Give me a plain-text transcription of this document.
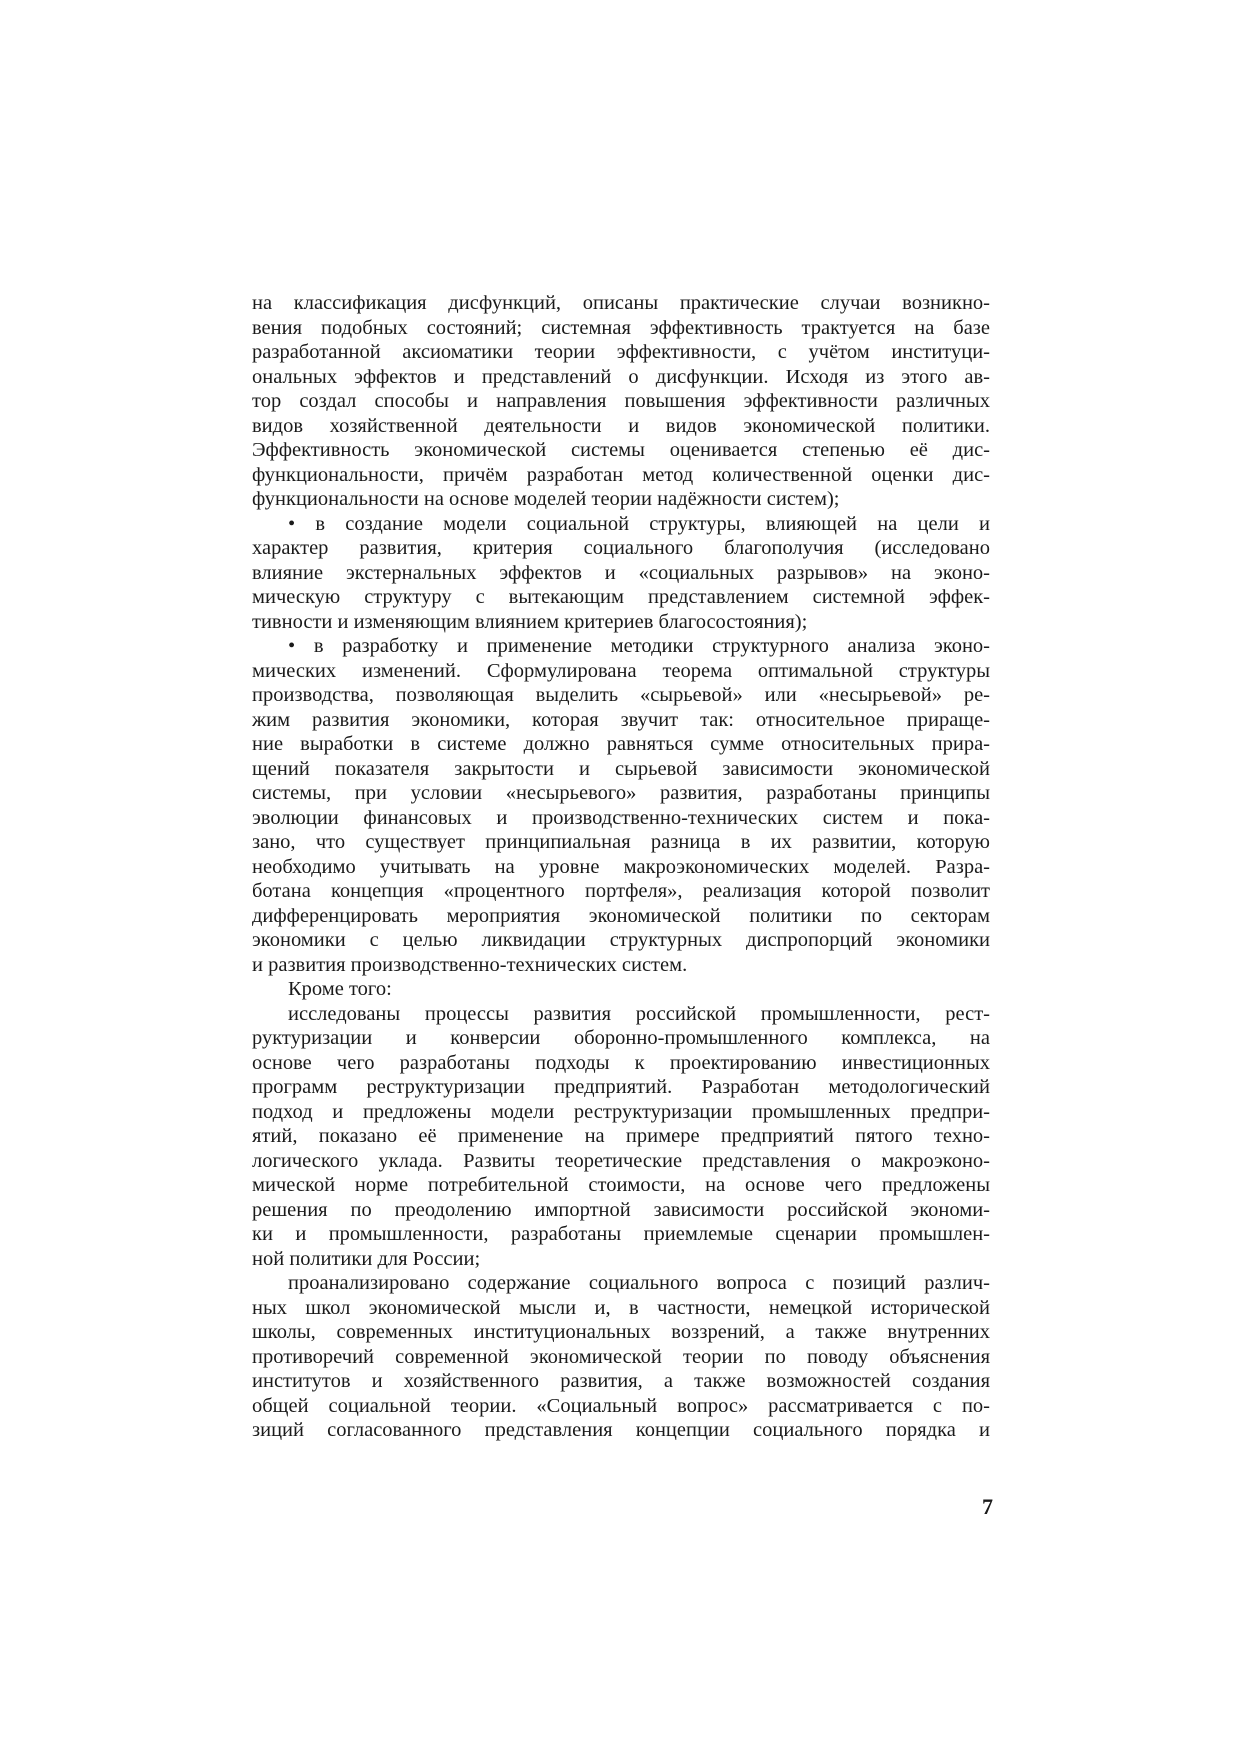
на классификация дисфункций, описаны практические случаи возникно-
вения подобных состояний; системная эффективность трактуется на базе
разработанной аксиоматики теории эффективности, с учётом институци-
ональных эффектов и представлений о дисфункции. Исходя из этого ав-
тор создал способы и направления повышения эффективности различных
видов хозяйственной деятельности и видов экономической политики.
Эффективность экономической системы оценивается степенью её дис-
функциональности, причём разработан метод количественной оценки дис-
функциональности на основе моделей теории надёжности систем);
• в создание модели социальной структуры, влияющей на цели и
характер развития, критерия социального благополучия (исследовано
влияние экстернальных эффектов и «социальных разрывов» на эконо-
мическую структуру с вытекающим представлением системной эффек-
тивности и изменяющим влиянием критериев благосостояния);
• в разработку и применение методики структурного анализа эконо-
мических изменений. Сформулирована теорема оптимальной структуры
производства, позволяющая выделить «сырьевой» или «несырьевой» ре-
жим развития экономики, которая звучит так: относительное прираще-
ние выработки в системе должно равняться сумме относительных прира-
щений показателя закрытости и сырьевой зависимости экономической
системы, при условии «несырьевого» развития, разработаны принципы
эволюции финансовых и производственно-технических систем и пока-
зано, что существует принципиальная разница в их развитии, которую
необходимо учитывать на уровне макроэкономических моделей. Разра-
ботана концепция «процентного портфеля», реализация которой позволит
дифференцировать мероприятия экономической политики по секторам
экономики с целью ликвидации структурных диспропорций экономики
и развития производственно-технических систем.
Кроме того:
исследованы процессы развития российской промышленности, рест-
руктуризации и конверсии оборонно-промышленного комплекса, на
основе чего разработаны подходы к проектированию инвестиционных
программ реструктуризации предприятий. Разработан методологический
подход и предложены модели реструктуризации промышленных предпри-
ятий, показано её применение на примере предприятий пятого техно-
логического уклада. Развиты теоретические представления о макроэконо-
мической норме потребительной стоимости, на основе чего предложены
решения по преодолению импортной зависимости российской экономи-
ки и промышленности, разработаны приемлемые сценарии промышлен-
ной политики для России;
проанализировано содержание социального вопроса с позиций различ-
ных школ экономической мысли и, в частности, немецкой исторической
школы, современных институциональных воззрений, а также внутренних
противоречий современной экономической теории по поводу объяснения
институтов и хозяйственного развития, а также возможностей создания
общей социальной теории. «Социальный вопрос» рассматривается с по-
зиций согласованного представления концепции социального порядка и
7
